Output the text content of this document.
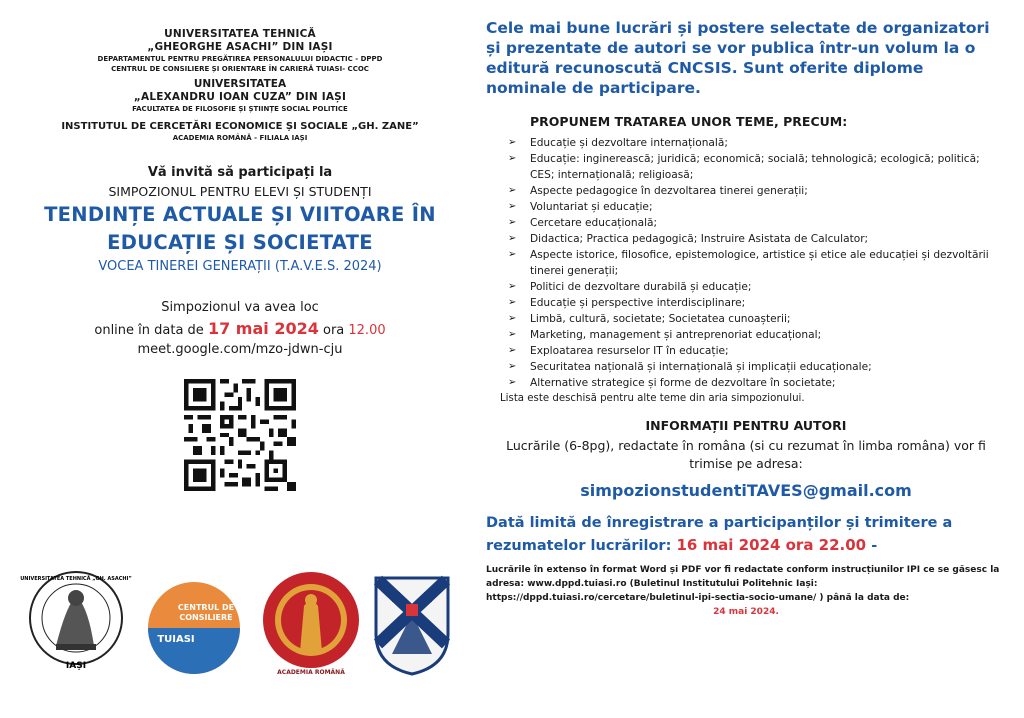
UNIVERSITATEA TEHNICĂ
„GHEORGHE ASACHI” DIN IAȘI
DEPARTAMENTUL PENTRU PREGĂTIREA PERSONALULUI DIDACTIC - DPPD
CENTRUL DE CONSILIERE ȘI ORIENTARE ÎN CARIERĂ TUIASI- CCOC
UNIVERSITATEA
„ALEXANDRU IOAN CUZA” DIN IAȘI
FACULTATEA DE FILOSOFIE ȘI ȘTIINȚE SOCIAL POLITICE
INSTITUTUL DE CERCETĂRI ECONOMICE ȘI SOCIALE „GH. ZANE”
ACADEMIA ROMÂNĂ - FILIALA IAȘI
Vă invită să participați la
SIMPOZIONUL PENTRU ELEVI ȘI STUDENȚI
TENDINȚE ACTUALE ȘI VIITOARE ÎN
EDUCAȚIE ȘI SOCIETATE
VOCEA TINEREI GENERAȚII (T.A.V.E.S. 2024)
Simpozionul va avea loc
online în data de 17 mai 2024 ora 12.00
meet.google.com/mzo-jdwn-cju
IAȘI
UNIVERSITATEA TEHNICĂ „GH. ASACHI”
CENTRUL DE
CONSILIERE
TUIASI
ACADEMIA ROMÂNĂ
Cele mai bune lucrări și postere selectate de organizatori și prezentate de autori se vor publica într-un volum la o editură recunoscută CNCSIS. Sunt oferite diplome nominale de participare.
PROPUNEM TRATAREA UNOR TEME, PRECUM:
➢ Educație și dezvoltare internațională;
➢ Educație: inginerească; juridică; economică; socială; tehnologică; ecologică; politică; CES; internațională; religioasă;
➢ Aspecte pedagogice în dezvoltarea tinerei generații;
➢ Voluntariat și educație;
➢ Cercetare educațională;
➢ Didactica; Practica pedagogică; Instruire Asistata de Calculator;
➢ Aspecte istorice, filosofice, epistemologice, artistice și etice ale educației și dezvoltării tinerei generații;
➢ Politici de dezvoltare durabilă și educație;
➢ Educație și perspective interdisciplinare;
➢ Limbă, cultură, societate; Societatea cunoașterii;
➢ Marketing, management și antreprenoriat educațional;
➢ Exploatarea resurselor IT în educație;
➢ Securitatea națională și internațională și implicații educaționale;
➢ Alternative strategice și forme de dezvoltare în societate;
Lista este deschisă pentru alte teme din aria simpozionului.
INFORMAȚII PENTRU AUTORI
Lucrările (6-8pg), redactate în româna (si cu rezumat în limba româna) vor fi trimise pe adresa:
simpozionstudentiTAVES@gmail.com
Dată limită de înregistrare a participanților și trimitere a rezumatelor lucrărilor: 16 mai 2024 ora 22.00 -
Lucrările în extenso în format Word și PDF vor fi redactate conform instrucțiunilor IPI ce se găsesc la adresa: www.dppd.tuiasi.ro (Buletinul Institutului Politehnic Iași: https://dppd.tuiasi.ro/cercetare/buletinul-ipi-sectia-socio-umane/ ) până la data de:
24 mai 2024.
